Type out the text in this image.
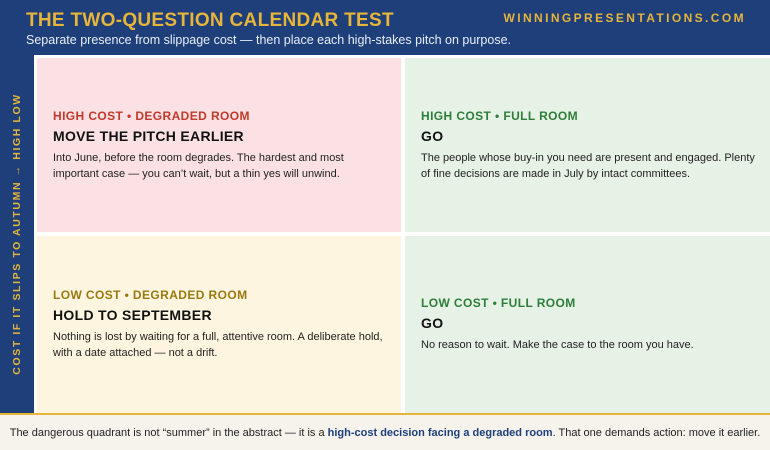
THE TWO-QUESTION CALENDAR TEST
Separate presence from slippage cost — then place each high-stakes pitch on purpose.
WINNINGPRESENTATIONS.COM
COST IF IT SLIPS TO AUTUMN → HIGH LOW	HIGH COST • DEGRADED ROOM
MOVE THE PITCH EARLIER
Into June, before the room degrades. The hardest and most important case — you can’t wait, but a thin yes will unwind.
HIGH COST • FULL ROOM
GO
The people whose buy-in you need are present and engaged. Plenty of fine decisions are made in July by intact committees.
LOW COST • DEGRADED ROOM
HOLD TO SEPTEMBER
Nothing is lost by waiting for a full, attentive room. A deliberate hold, with a date attached — not a drift.
LOW COST • FULL ROOM
GO
No reason to wait. Make the case to the room you have.

The dangerous quadrant is not “summer” in the abstract — it is a high-cost decision facing a degraded room. That one demands action: move it earlier.
